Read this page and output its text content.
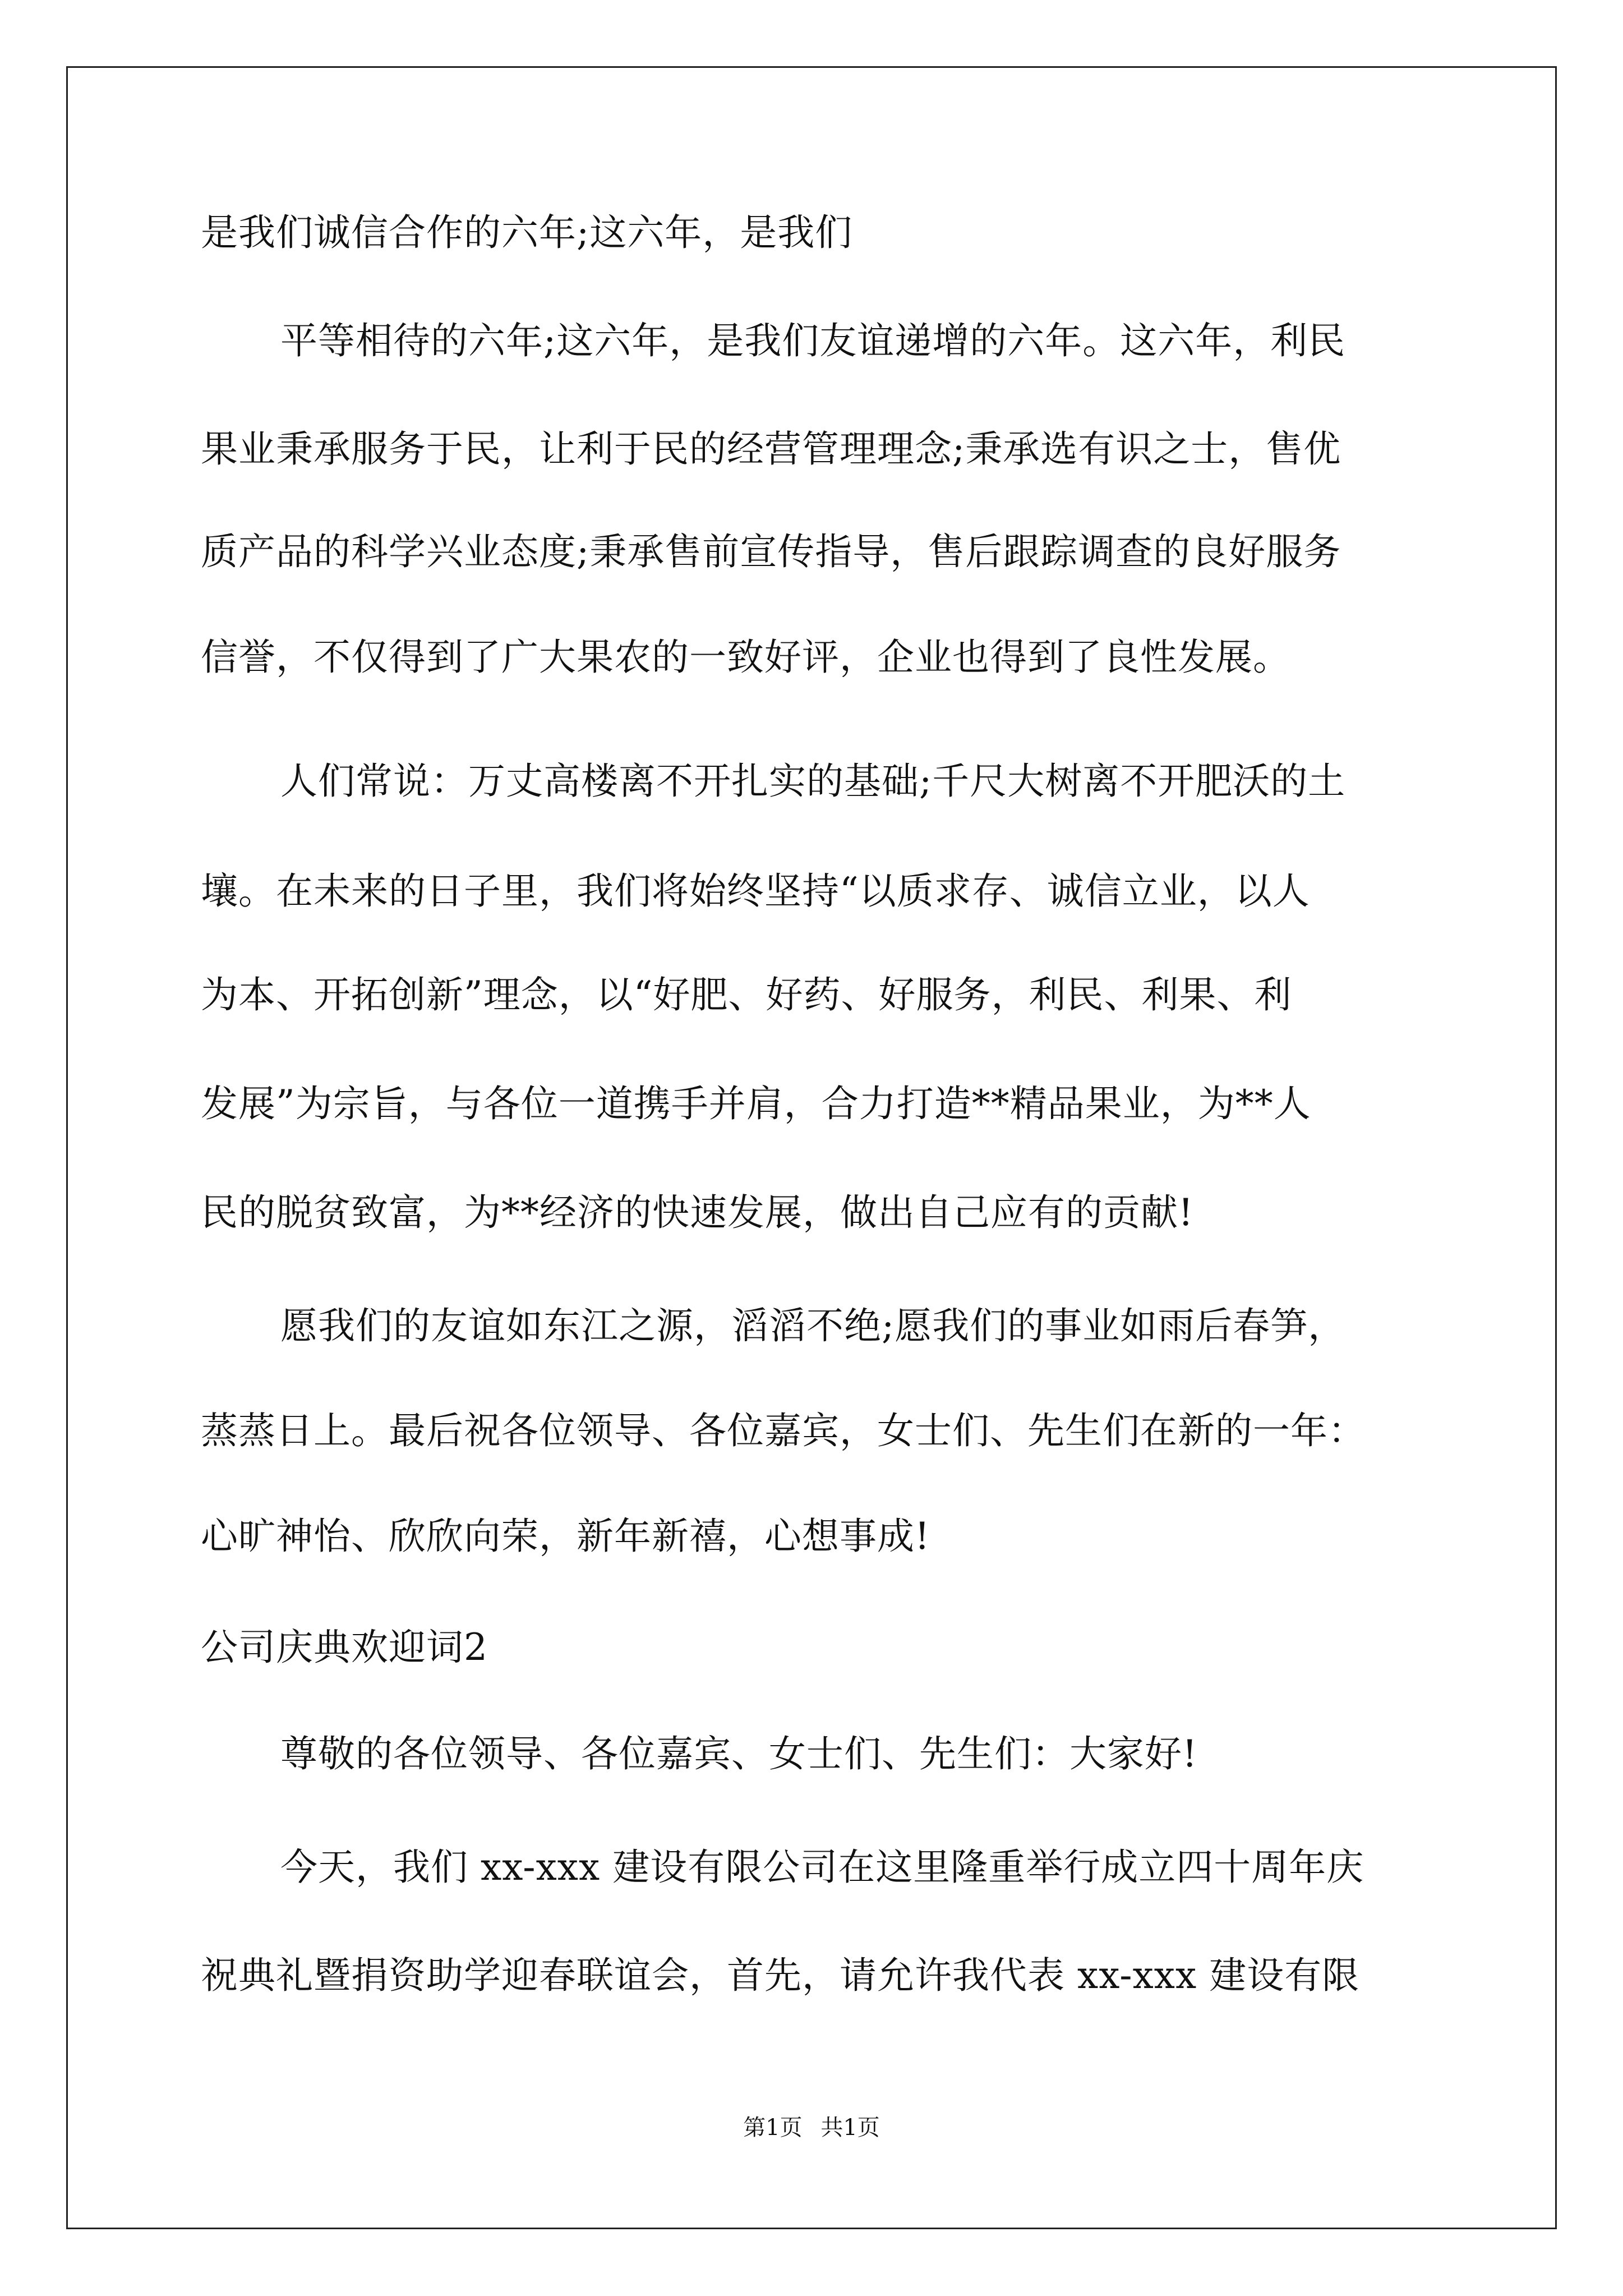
是我们诚信合作的六年;这六年，是我们
平等相待的六年;这六年，是我们友谊递增的六年。这六年，利民
果业秉承服务于民，让利于民的经营管理理念;秉承选有识之士，售优
质产品的科学兴业态度;秉承售前宣传指导，售后跟踪调查的良好服务
信誉，不仅得到了广大果农的一致好评，企业也得到了良性发展。
人们常说：万丈高楼离不开扎实的基础;千尺大树离不开肥沃的土
壤。在未来的日子里，我们将始终坚持“以质求存、诚信立业，以人
为本、开拓创新”理念，以“好肥、好药、好服务，利民、利果、利
发展”为宗旨，与各位一道携手并肩，合力打造**精品果业，为**人
民的脱贫致富，为**经济的快速发展，做出自己应有的贡献!
愿我们的友谊如东江之源，滔滔不绝;愿我们的事业如雨后春笋，
蒸蒸日上。最后祝各位领导、各位嘉宾，女士们、先生们在新的一年：
心旷神怡、欣欣向荣，新年新禧，心想事成!
公司庆典欢迎词2
尊敬的各位领导、各位嘉宾、女士们、先生们：大家好!
今天，我们 xx-xxx 建设有限公司在这里隆重举行成立四十周年庆
祝典礼暨捐资助学迎春联谊会，首先，请允许我代表 xx-xxx 建设有限
第1页 共1页
